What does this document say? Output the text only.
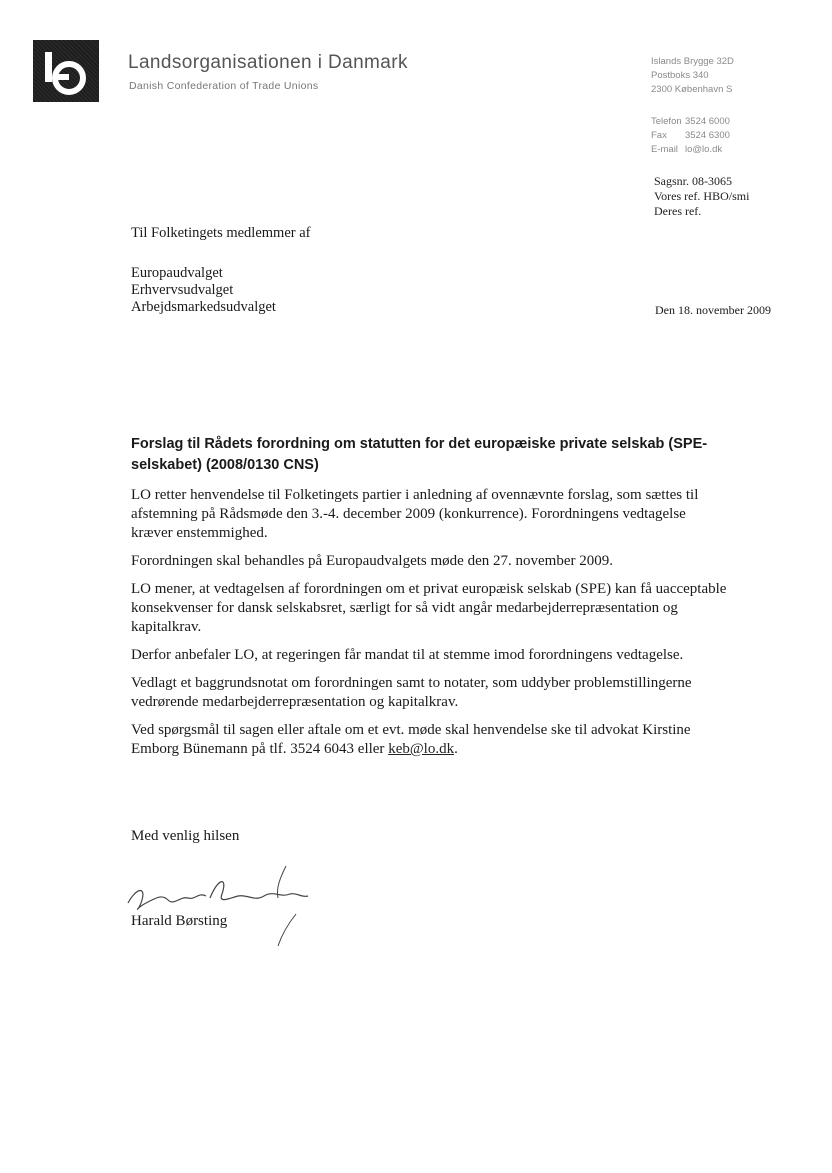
Landsorganisationen i Danmark
Danish Confederation of Trade Unions
Islands Brygge 32D
Postboks 340
2300 København S
Telefon 3524 6000
Fax	3524 6300
E-mail lo@lo.dk
Sagsnr. 08-3065
Vores ref. HBO/smi
Deres ref.
Til Folketingets medlemmer af
Europaudvalget
Erhvervsudvalget
Arbejdsmarkedsudvalget	Den 18. november 2009
Forslag til Rådets forordning om statutten for det europæiske private selskab (SPE-selskabet) (2008/0130 CNS)

LO retter henvendelse til Folketingets partier i anledning af ovennævnte forslag, som sættes til afstemning på Rådsmøde den 3.-4. december 2009 (konkurrence). Forordningens vedtagelse kræver enstemmighed.

Forordningen skal behandles på Europaudvalgets møde den 27. november 2009.

LO mener, at vedtagelsen af forordningen om et privat europæisk selskab (SPE) kan få uacceptable konsekvenser for dansk selskabsret, særligt for så vidt angår medarbejderrepræsentation og kapitalkrav.

Derfor anbefaler LO, at regeringen får mandat til at stemme imod forordningens vedtagelse.

Vedlagt et baggrundsnotat om forordningen samt to notater, som uddyber problemstillingerne vedrørende medarbejderrepræsentation og kapitalkrav.

Ved spørgsmål til sagen eller aftale om et evt. møde skal henvendelse ske til advokat Kirstine Emborg Bünemann på tlf. 3524 6043 eller keb@lo.dk.

Med venlig hilsen
Harald Børsting
